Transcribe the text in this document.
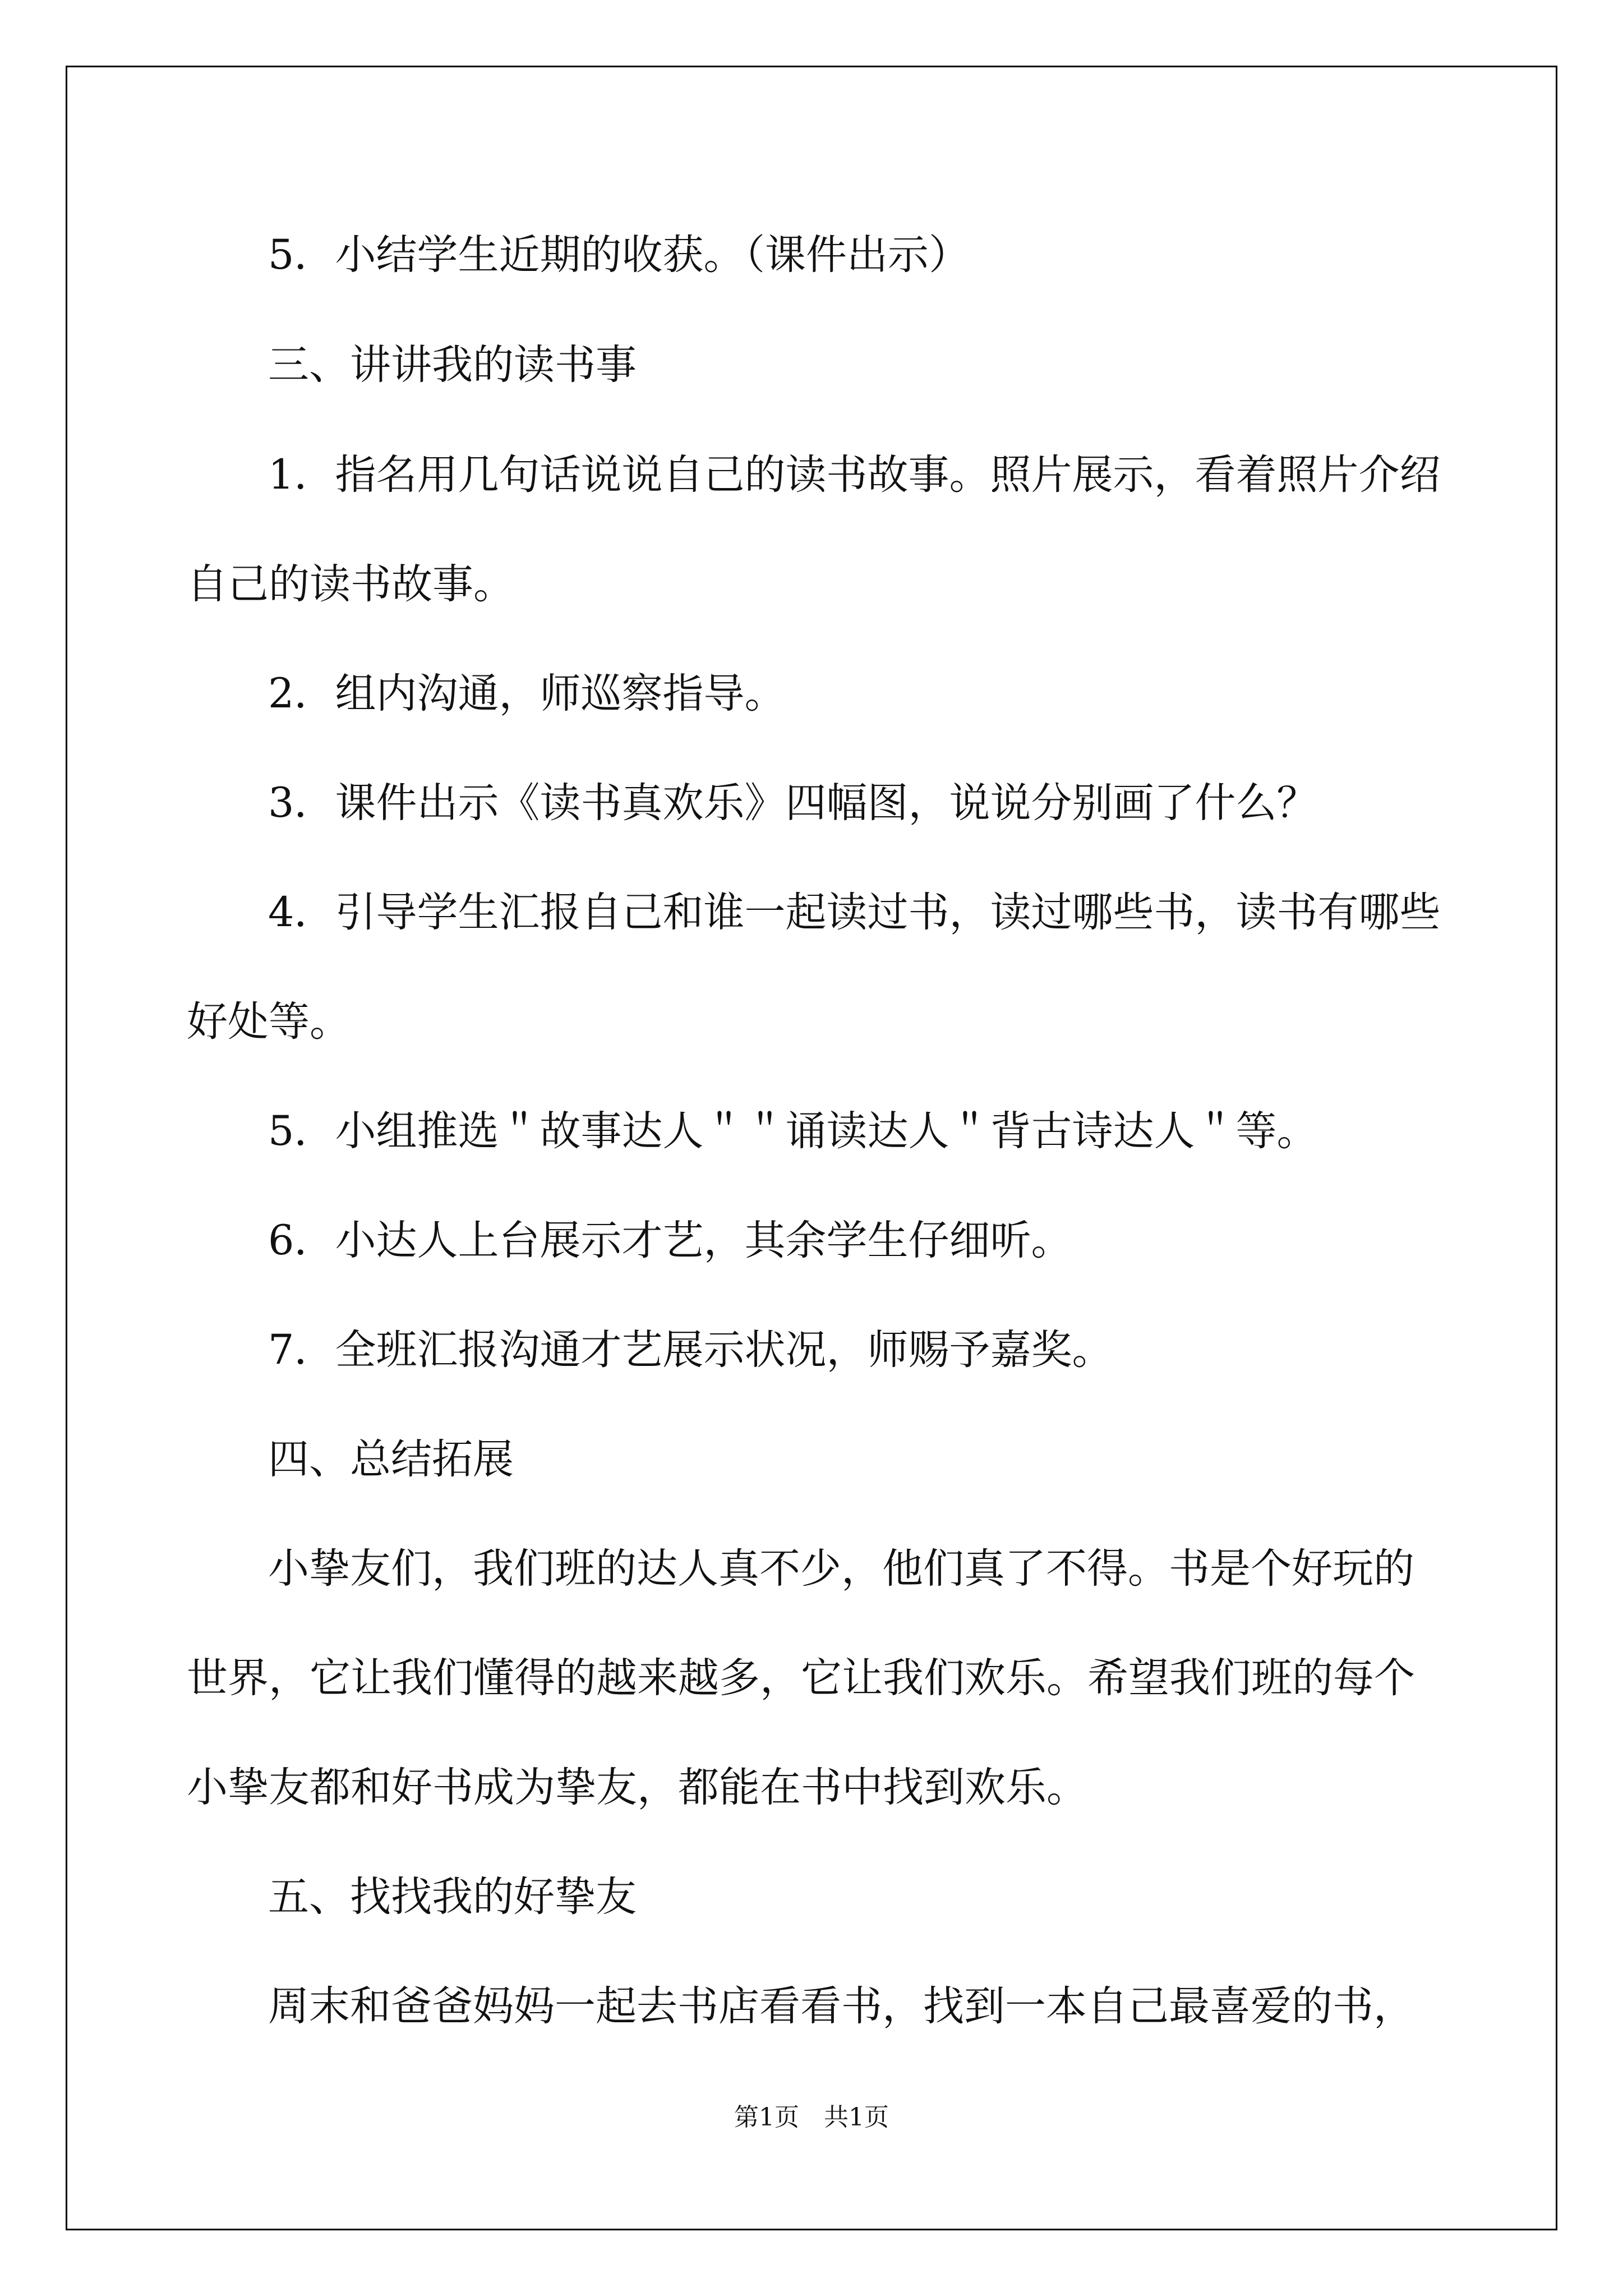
5．小结学生近期的收获。（课件出示）

三、讲讲我的读书事

1．指名用几句话说说自己的读书故事。照片展示，看着照片介绍
自己的读书故事。

2．组内沟通，师巡察指导。

3．课件出示《读书真欢乐》四幅图，说说分别画了什么？

4．引导学生汇报自己和谁一起读过书，读过哪些书，读书有哪些
好处等。

5．小组推选＂故事达人＂＂诵读达人＂背古诗达人＂等。

6．小达人上台展示才艺，其余学生仔细听。

7．全班汇报沟通才艺展示状况，师赐予嘉奖。

四、总结拓展

小挚友们，我们班的达人真不少，他们真了不得。书是个好玩的
世界，它让我们懂得的越来越多，它让我们欢乐。希望我们班的每个
小挚友都和好书成为挚友，都能在书中找到欢乐。

五、找找我的好挚友

周末和爸爸妈妈一起去书店看看书，找到一本自己最喜爱的书，

第1页　共1页
